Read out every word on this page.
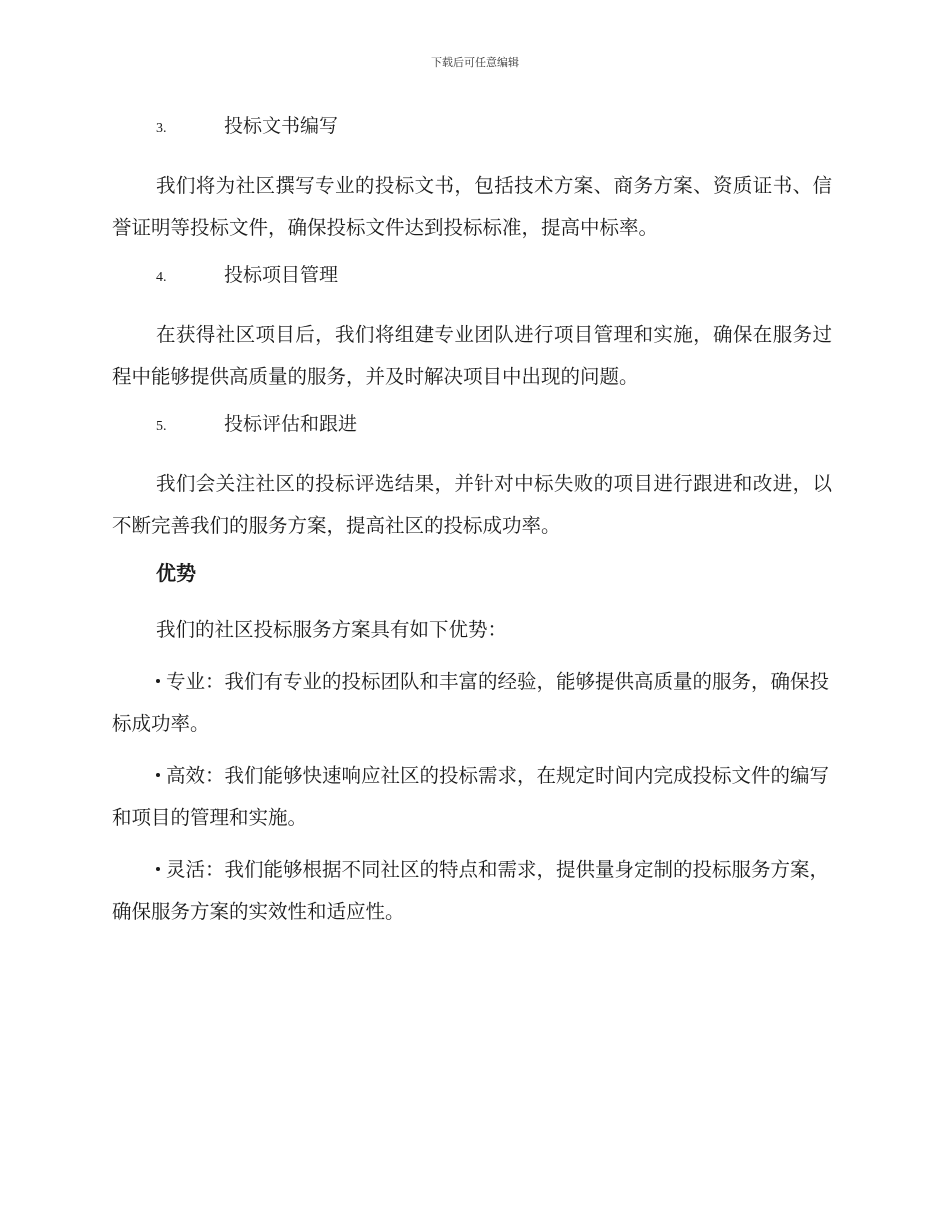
下载后可任意编辑
3.	投标文书编写

我们将为社区撰写专业的投标文书，包括技术方案、商务方案、资质证书、信誉证明等投标文件，确保投标文件达到投标标准，提高中标率。

4.	投标项目管理

在获得社区项目后，我们将组建专业团队进行项目管理和实施，确保在服务过程中能够提供高质量的服务，并及时解决项目中出现的问题。

5.	投标评估和跟进

我们会关注社区的投标评选结果，并针对中标失败的项目进行跟进和改进，以不断完善我们的服务方案，提高社区的投标成功率。

优势

我们的社区投标服务方案具有如下优势：

专业：我们有专业的投标团队和丰富的经验，能够提供高质量的服务，确保投标成功率。

高效：我们能够快速响应社区的投标需求，在规定时间内完成投标文件的编写和项目的管理和实施。

灵活：我们能够根据不同社区的特点和需求，提供量身定制的投标服务方案，确保服务方案的实效性和适应性。
